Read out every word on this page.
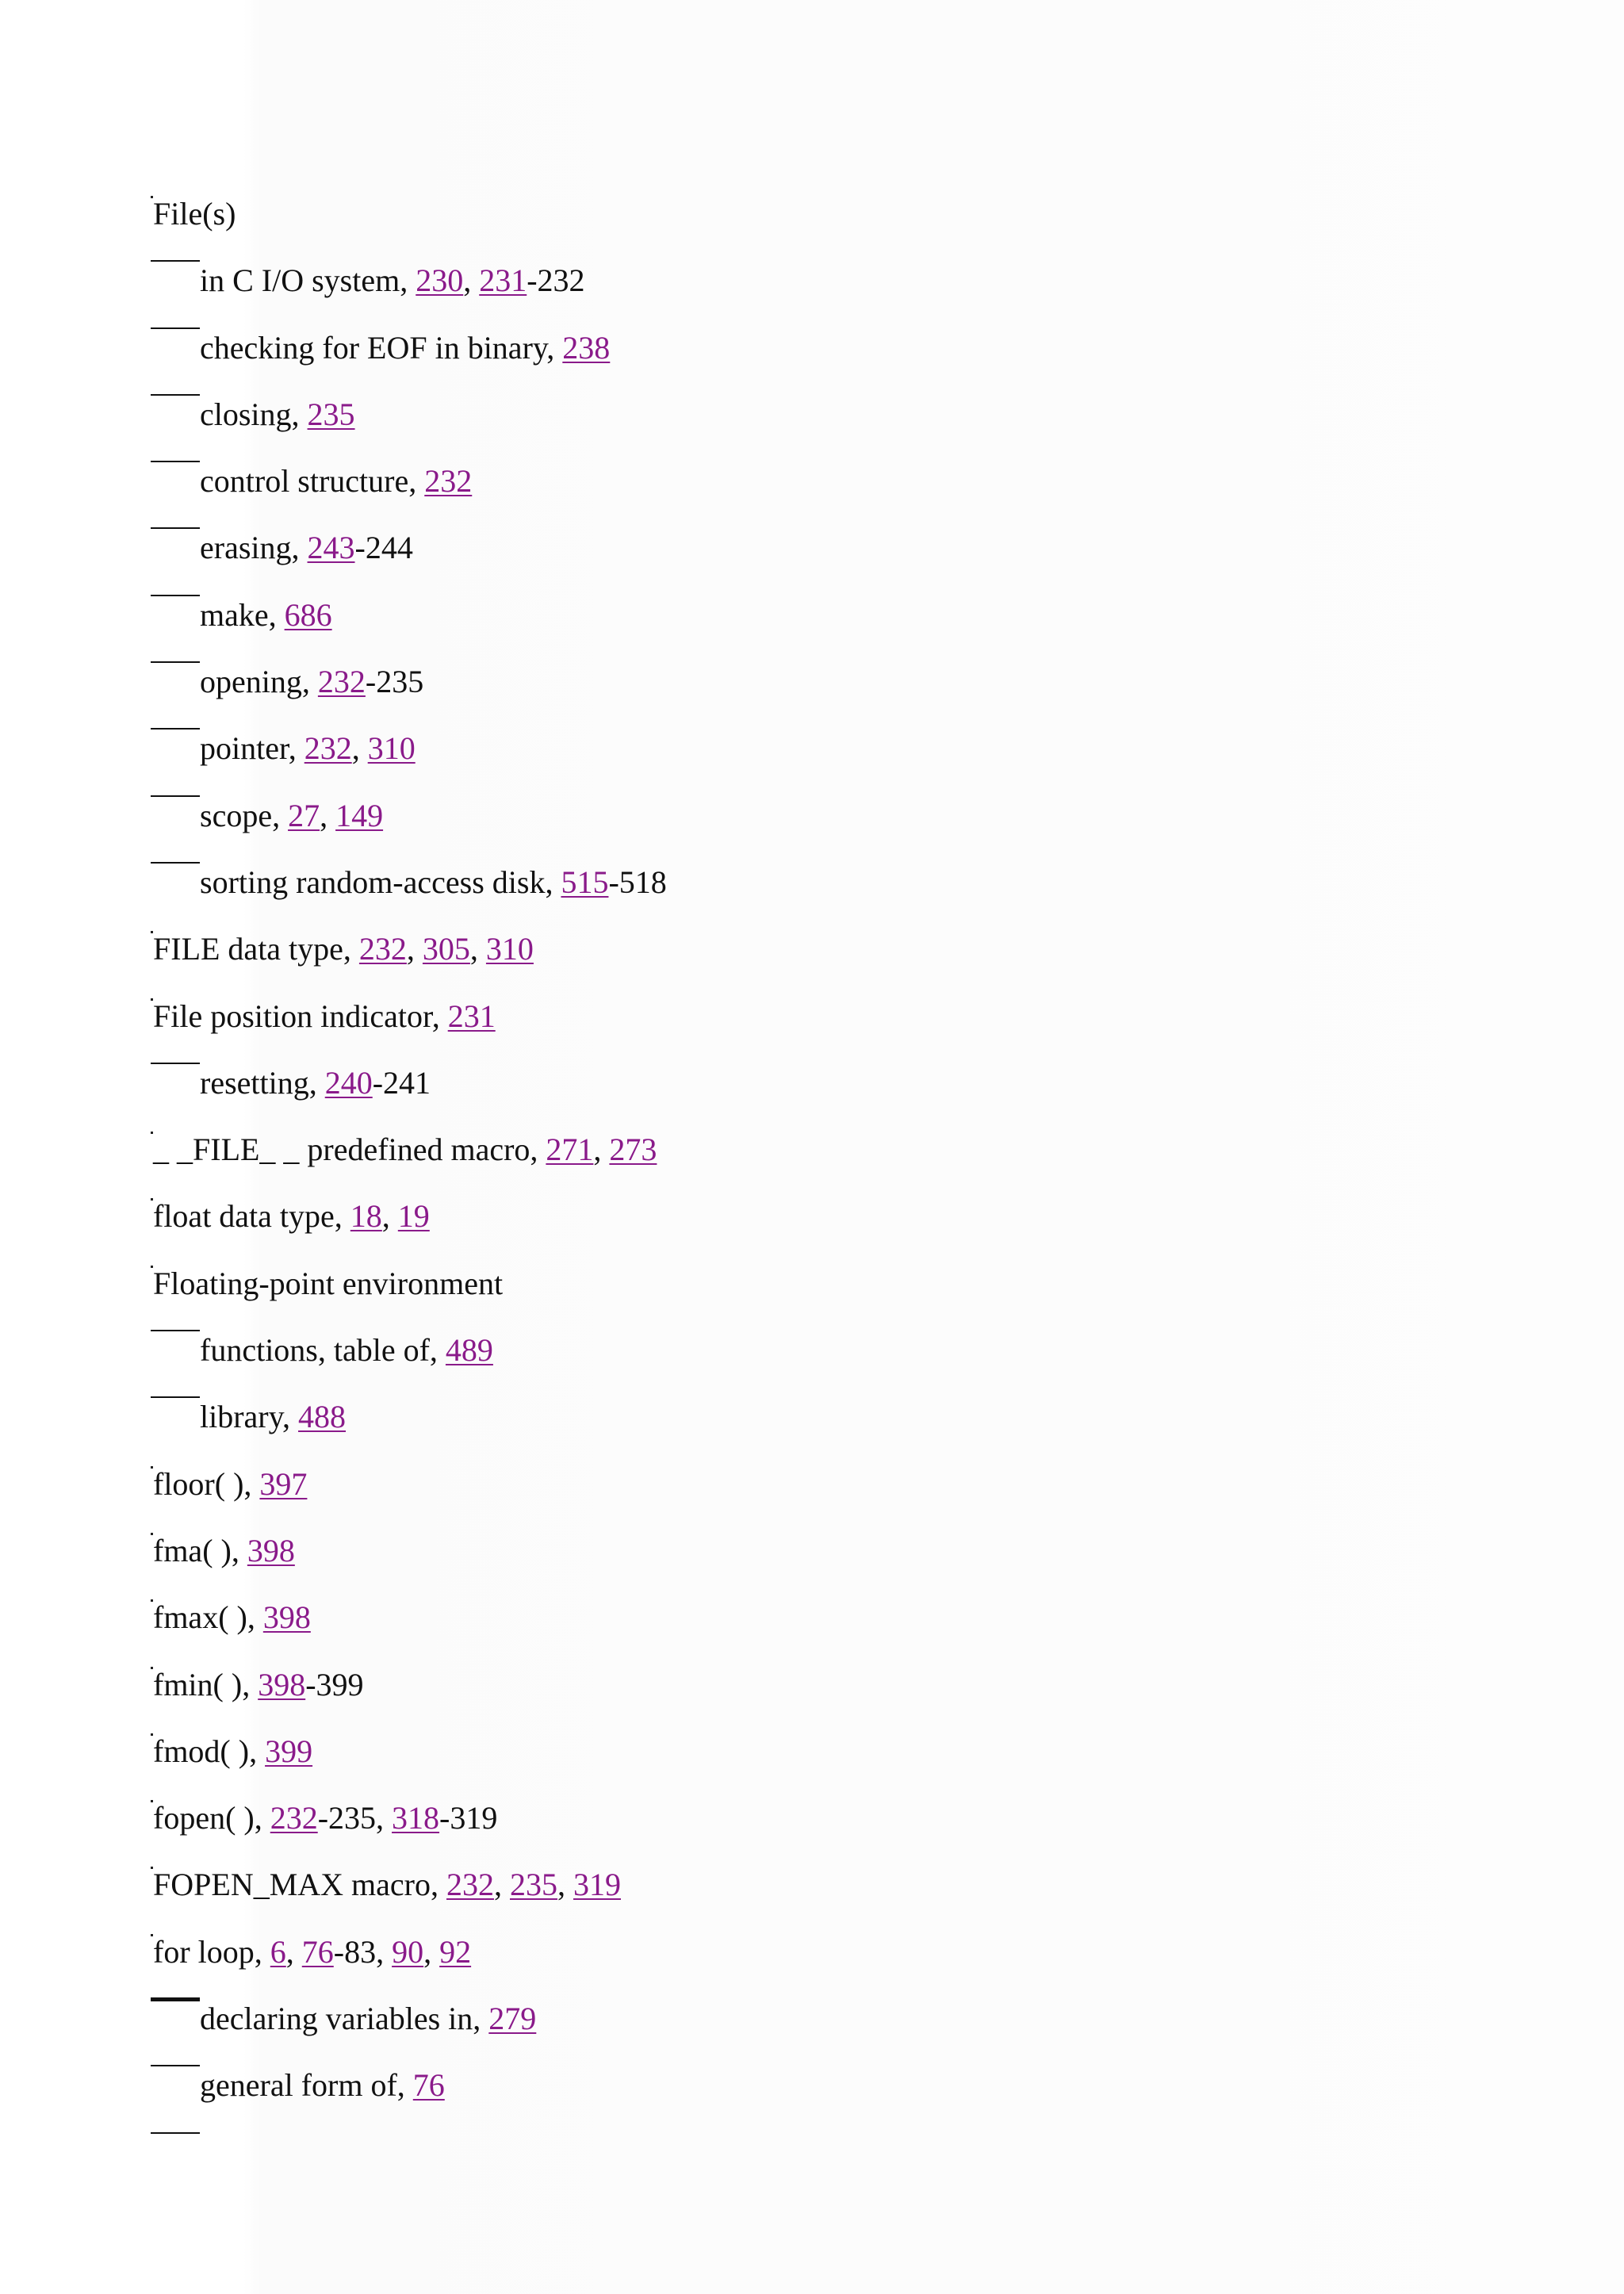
File(s)
in C I/O system, 230, 231-232
checking for EOF in binary, 238
closing, 235
control structure, 232
erasing, 243-244
make, 686
opening, 232-235
pointer, 232, 310
scope, 27, 149
sorting random-access disk, 515-518
FILE data type, 232, 305, 310
File position indicator, 231
resetting, 240-241
_ _FILE_ _ predefined macro, 271, 273
float data type, 18, 19
Floating-point environment
functions, table of, 489
library, 488
floor( ), 397
fma( ), 398
fmax( ), 398
fmin( ), 398-399
fmod( ), 399
fopen( ), 232-235, 318-319
FOPEN_MAX macro, 232, 235, 319
for loop, 6, 76-83, 90, 92
declaring variables in, 279
general form of, 76
